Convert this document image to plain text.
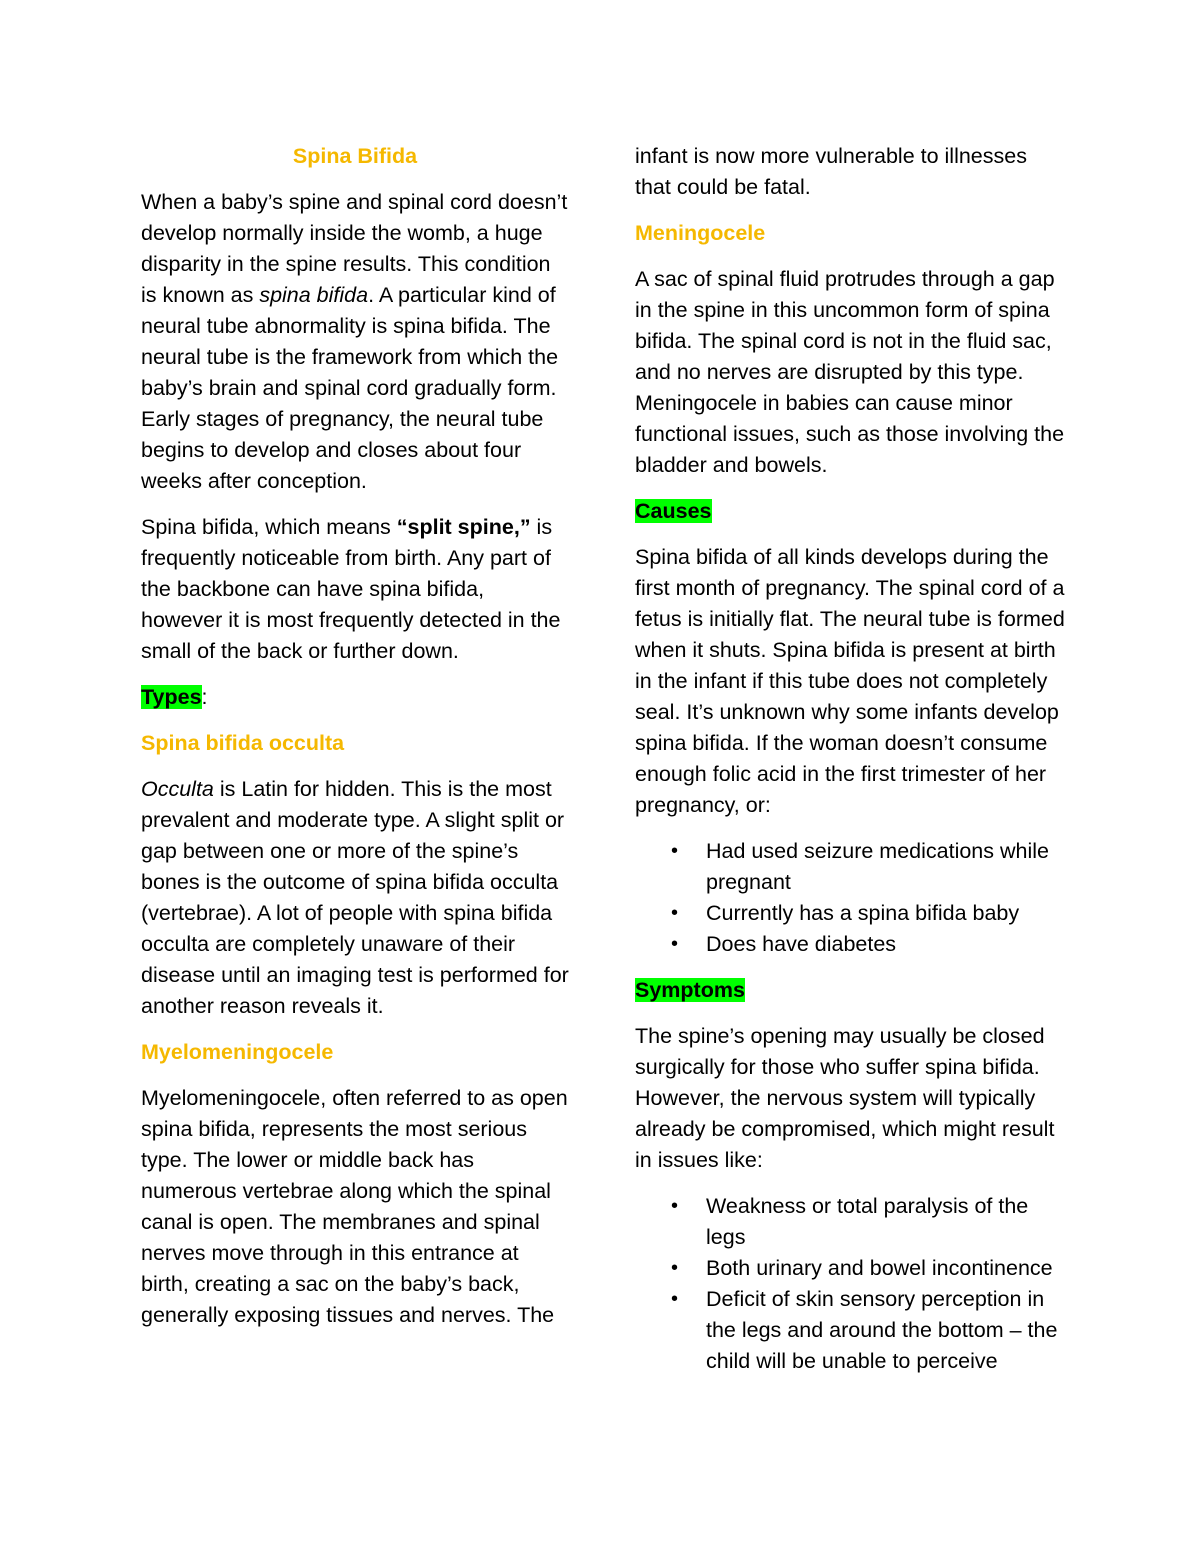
Spina Bifida

When a baby’s spine and spinal cord doesn’t develop normally inside the womb, a huge disparity in the spine results. This condition is known as spina bifida. A particular kind of neural tube abnormality is spina bifida. The neural tube is the framework from which the baby’s brain and spinal cord gradually form. Early stages of pregnancy, the neural tube begins to develop and closes about four weeks after conception.

Spina bifida, which means “split spine,” is frequently noticeable from birth. Any part of the backbone can have spina bifida, however it is most frequently detected in the small of the back or further down.

Types:

Spina bifida occulta

Occulta is Latin for hidden. This is the most prevalent and moderate type. A slight split or gap between one or more of the spine’s bones is the outcome of spina bifida occulta (vertebrae). A lot of people with spina bifida occulta are completely unaware of their disease until an imaging test is performed for another reason reveals it.

Myelomeningocele

Myelomeningocele, often referred to as open spina bifida, represents the most serious type. The lower or middle back has numerous vertebrae along which the spinal canal is open. The membranes and spinal nerves move through in this entrance at birth, creating a sac on the baby’s back, generally exposing tissues and nerves. The

infant is now more vulnerable to illnesses that could be fatal.

Meningocele

A sac of spinal fluid protrudes through a gap in the spine in this uncommon form of spina bifida. The spinal cord is not in the fluid sac, and no nerves are disrupted by this type. Meningocele in babies can cause minor functional issues, such as those involving the bladder and bowels.

Causes

Spina bifida of all kinds develops during the first month of pregnancy. The spinal cord of a fetus is initially flat. The neural tube is formed when it shuts. Spina bifida is present at birth in the infant if this tube does not completely seal. It’s unknown why some infants develop spina bifida. If the woman doesn’t consume enough folic acid in the first trimester of her pregnancy, or:

• Had used seizure medications while pregnant
• Currently has a spina bifida baby
• Does have diabetes

Symptoms

The spine’s opening may usually be closed surgically for those who suffer spina bifida. However, the nervous system will typically already be compromised, which might result in issues like:

• Weakness or total paralysis of the legs
• Both urinary and bowel incontinence
• Deficit of skin sensory perception in the legs and around the bottom – the child will be unable to perceive
